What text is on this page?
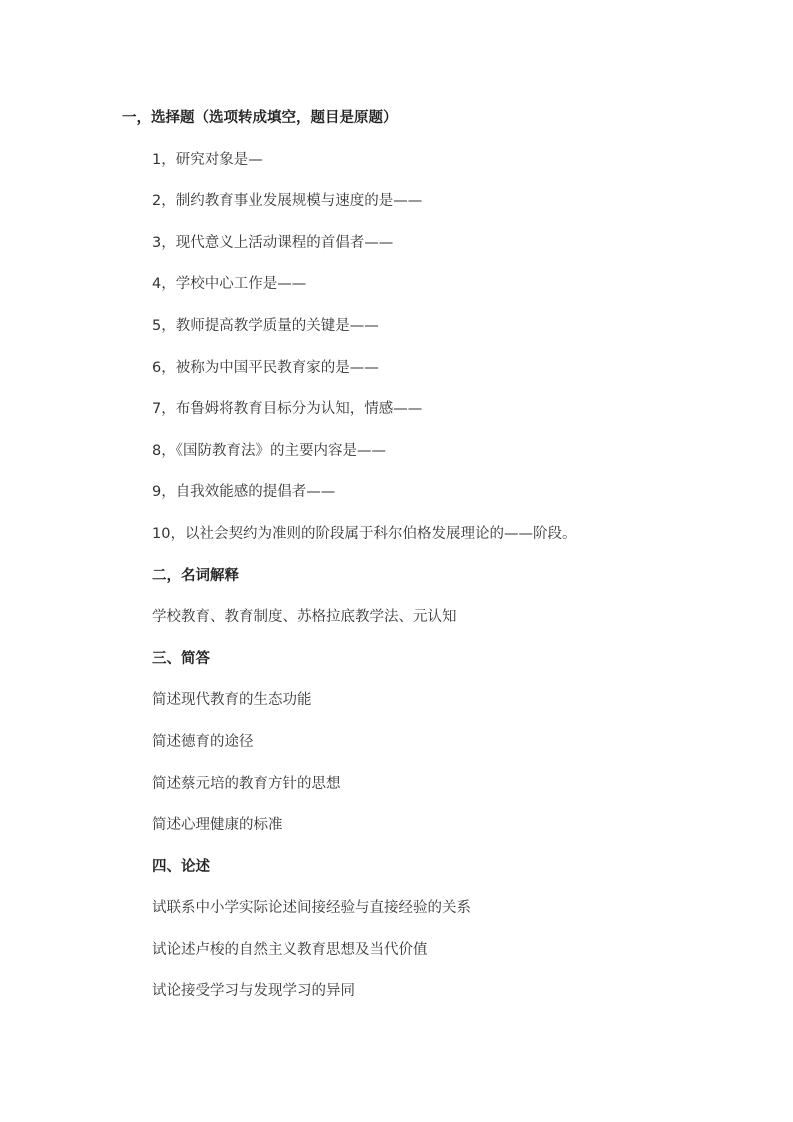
一，选择题（选项转成填空，题目是原题）
1，研究对象是—
2，制约教育事业发展规模与速度的是——
3，现代意义上活动课程的首倡者——
4，学校中心工作是——
5，教师提高教学质量的关键是——
6，被称为中国平民教育家的是——
7，布鲁姆将教育目标分为认知，情感——
8，《国防教育法》的主要内容是——
9，自我效能感的提倡者——
10，以社会契约为准则的阶段属于科尔伯格发展理论的——阶段。
二，名词解释
学校教育、教育制度、苏格拉底教学法、元认知
三、简答
简述现代教育的生态功能
简述德育的途径
简述蔡元培的教育方针的思想
简述心理健康的标准
四、论述
试联系中小学实际论述间接经验与直接经验的关系
试论述卢梭的自然主义教育思想及当代价值
试论接受学习与发现学习的异同
